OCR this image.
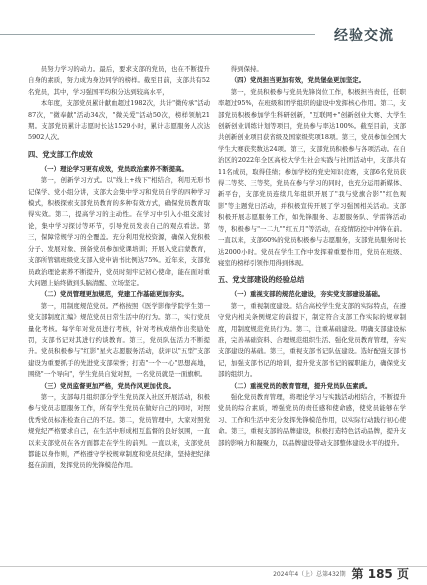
经验交流

员努力学习的动力。最后，要求支部的党员，也在不断提升自身的素质，努力成为身边同学的榜样。截至目前，支部共有52名党员，其中，学习强国平均积分达到较高水平，

本年度，支部党员累计献血超过1982次，共计"微传承"活动87次，"微奉献"活动34次，"微关爱"活动50次，榜样领航21期。支部党员累计志愿时长达1529小时，累计志愿服务人次达5902人次。

四、党支部工作成效

（一）理论学习更有成效，党员政治素养不断提高。

第一，创新学习方式。以"线上+线下"相结合，利用无形书记保学、党小组分讲，支部大会集中学习和党员自学的四种学习模式，积极探索支部党员教育的多种有效方式，确保党员教育取得实效。第二，提高学习的主动性。在学习中引入小组交流讨论，集中学习探讨等环节，引导党员发表自己的观点看法。第三，保障常规学习的全覆盖。充分利用党校资源，确保入党积极分子、发展对象、预备党员参加党课培训；开展入党启蒙教育，支部所管辖班级党支部入党申请书比例达75%。近年来，支部党员政治理论素养不断提升，党员时刻牢记初心使命，能在面对重大问题上始终做到头脑清醒、立场坚定。

（二）党员管理更加规范，党建工作基础更加夯实。

第一，用制度规范党员。严格按照《医学影像学院学生第一党支部制度汇编》规范党员日常生活中的行为。第二，实行党员量化考核。每学年对党员进行考核，针对考核成绩作出奖励处罚，支部书记对其进行约谈教育。第三，党员队伍活力不断提升。党员积极参与"红影"星火志愿服务活动，获评以"五型"支部建设为重要抓手的先进党支部荣誉；打造"一个一心"思想高地，围绕"一个导向"，学生党员自觉对照，一名党员就是一面旗帜。

（三）党员监督更加严格，党员作风更加优良。

第一，支部每月组织部分学生党员深入社区开展活动，积极参与党员志愿服务工作，所有学生党员在做好自己的同时，对照优秀党员标准检查自己的不足。第二，党员管理中，大家对照党规党纪严格要求自己，在生活中形成相互监督的良好氛围，一直以来支部党员在各方面都走在学生的前列。一直以来，支部党员都能以身作则，严格遵守学校规章制度和党员纪律，坚持把纪律挺在前面，发挥党员的先锋模范作用。

得到保持。

（四）党员担当更加有效，党员堡垒更加坚定。

第一，党员积极参与党员先锋岗位工作，积极担当责任，任职率超过95%，在班级和团学组织的建设中发挥核心作用。第二，支部党员积极参加学生科研创新，"互联网+"创新创业大赛、大学生创新创业训练计划等项目，党员参与率达100%。截至目前，支部共创新创业项目获省级及国家级奖项18项。第三，党员参加全国大学生大赛获奖数达24项。第三，支部党员积极参与各项活动。在自治区的2022年全区高校大学生社会实践与社团活动中，支部共有11名成员，取得佳绩；参加学校的党史知识竞赛，支部6名党员获得二等奖、三等奖，党员在参与学习的同时，也充分运用新媒体、新平台，支部党员连续几年组织开展了"我与党旗合影""红色观影"等主题党日活动，并积极宣传开展了学习强国相关活动。支部积极开展志愿服务工作，如先锋服务、志愿服务队、学雷锋活动等，积极参与"一二九""红五月"等活动，在疫情防控中冲锋在前。一直以来，支部60%的党员积极参与志愿服务，支部党员服务时长达2000小时。党员在学生工作中发挥着重要作用，党员在班级、寝室的榜样引领作用得到体现。

五、党支部建设的经验总结

（一）重视支部的规范化建设，夯实党支部建设基础。

第一，重视制度建设。结合高校学生党支部的实际特点，在遵守党内相关条例规定的前提下，制定符合支部工作实际的规章制度，用制度规范党员行为。第二，注重基础建设。明确支部建设标准，完善基础资料、合理规范组织生活、强化党员教育管理，夯实支部建设的基础。第三，重视支部书记队伍建设。选好配强支部书记，加强支部书记的培训，提升党支部书记的履职能力，确保党支部的组织力。

（二）重视党员的教育管理，提升党员队伍素质。

强化党员教育管理，将理论学习与实践活动相结合，不断提升党员的综合素质，增强党员的责任感和使命感，使党员能够在学习、工作和生活中充分发挥先锋模范作用，以实际行动践行初心使命。第三，重视支部的品牌建设，积极打造特色活动品牌，提升支部的影响力和凝聚力，以品牌建设带动支部整体建设水平的提升。

2024年4（上）总第432期 第 185 页
